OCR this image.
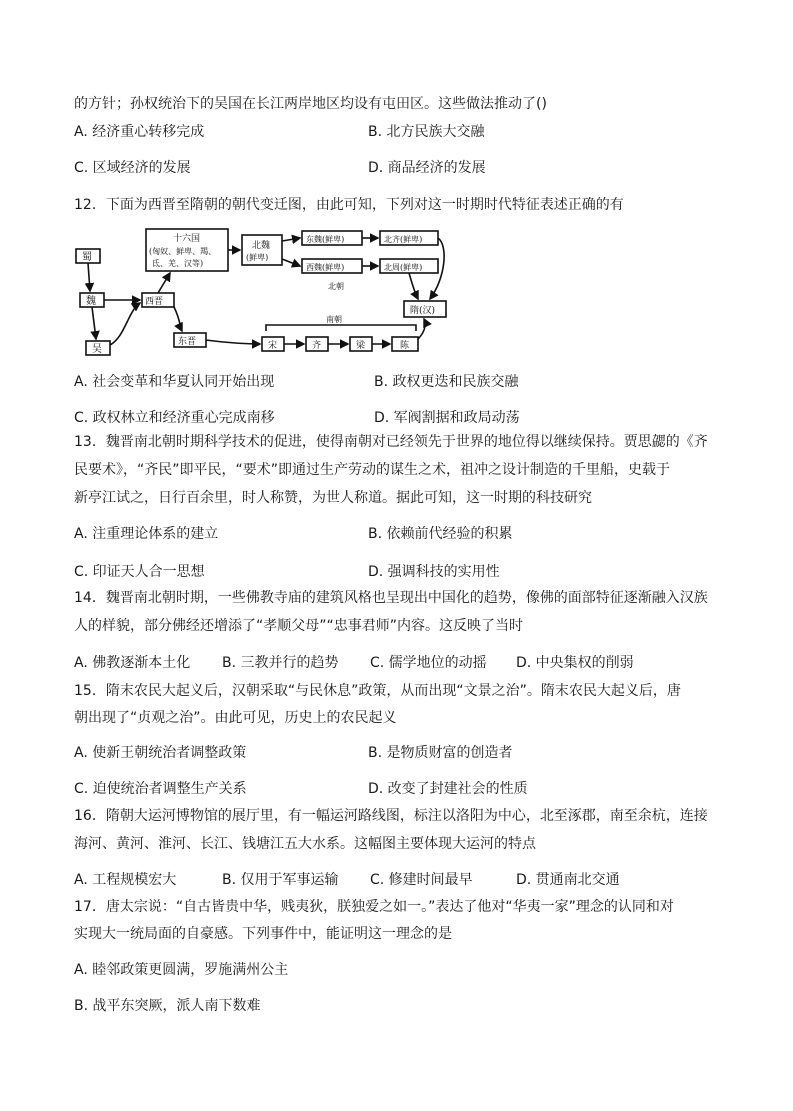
的方针；孙权统治下的吴国在长江两岸地区均设有屯田区。这些做法推动了()
A. 经济重心转移完成	B. 北方民族大交融
C. 区域经济的发展	D. 商品经济的发展
12．下面为西晋至隋朝的朝代变迁图，由此可知，下列对这一时期时代特征表述正确的有
蜀
魏
吴
西晋
十六国
(匈奴、鲜卑、羯、
氐、羌、汉等)
北魏
(鲜卑)
东魏(鲜卑)	北齐(鲜卑)
西魏(鲜卑)	北周(鲜卑)
北朝
隋(汉)
东晋
南朝
宋	齐	梁	陈
A. 社会变革和华夏认同开始出现	B. 政权更迭和民族交融
C. 政权林立和经济重心完成南移	D. 军阀割据和政局动荡
13．魏晋南北朝时期科学技术的促进，使得南朝对已经领先于世界的地位得以继续保持。贾思勰的《齐
民要术》，“齐民”即平民，“要术”即通过生产劳动的谋生之术，祖冲之设计制造的千里船，史载于
新亭江试之，日行百余里，时人称赞，为世人称道。据此可知，这一时期的科技研究
A. 注重理论体系的建立	B. 依赖前代经验的积累
C. 印证天人合一思想	D. 强调科技的实用性
14．魏晋南北朝时期，一些佛教寺庙的建筑风格也呈现出中国化的趋势，像佛的面部特征逐渐融入汉族
人的样貌，部分佛经还增添了“孝顺父母”“忠事君师”内容。这反映了当时
A. 佛教逐渐本土化 B. 三教并行的趋势 C. 儒学地位的动摇 D. 中央集权的削弱
15．隋末农民大起义后，汉朝采取“与民休息”政策，从而出现“文景之治”。隋末农民大起义后，唐
朝出现了“贞观之治”。由此可见，历史上的农民起义
A. 使新王朝统治者调整政策	B. 是物质财富的创造者
C. 迫使统治者调整生产关系	D. 改变了封建社会的性质
16．隋朝大运河博物馆的展厅里，有一幅运河路线图，标注以洛阳为中心，北至涿郡，南至余杭，连接
海河、黄河、淮河、长江、钱塘江五大水系。这幅图主要体现大运河的特点
A. 工程规模宏大	B. 仅用于军事运输 C. 修建时间最早	D. 贯通南北交通
17．唐太宗说：“自古皆贵中华，贱夷狄，朕独爱之如一。”表达了他对“华夷一家”理念的认同和对
实现大一统局面的自豪感。下列事件中，能证明这一理念的是
A. 睦邻政策更圆满，罗施满州公主
B. 战平东突厥，派人南下数难
